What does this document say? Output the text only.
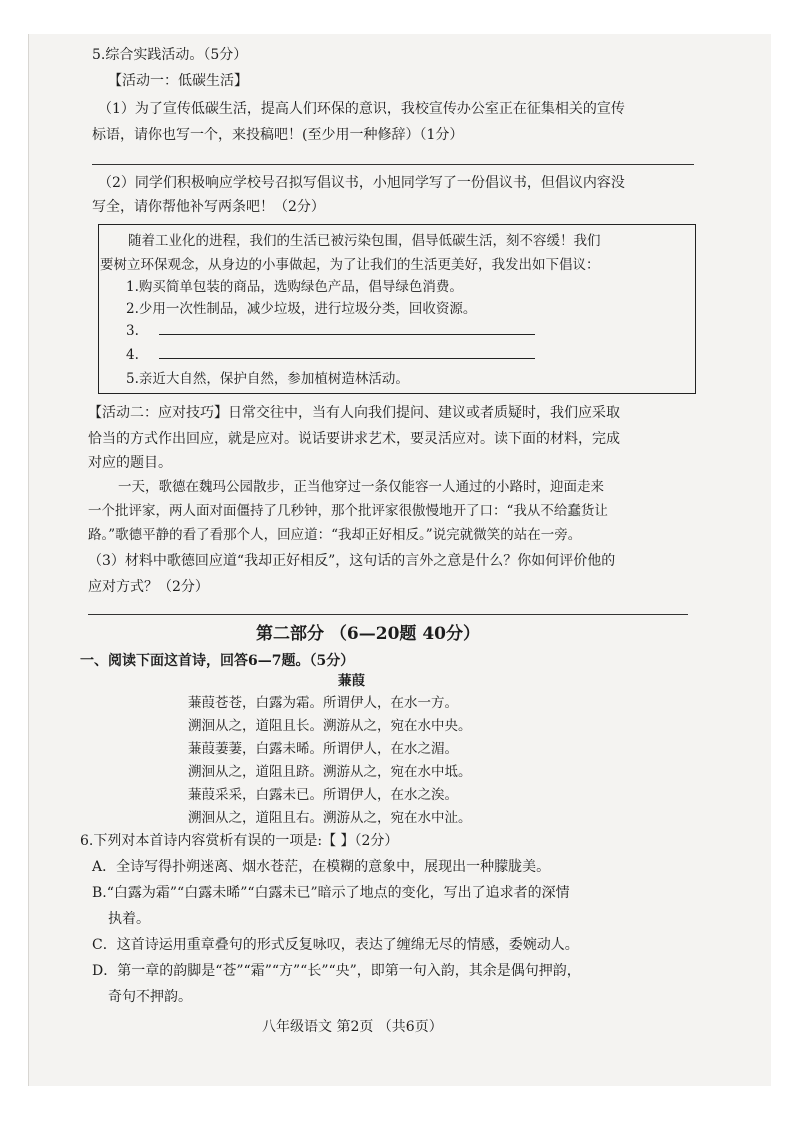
5.综合实践活动。（5分）
【活动一：低碳生活】
（1）为了宣传低碳生活，提高人们环保的意识，我校宣传办公室正在征集相关的宣传
标语，请你也写一个，来投稿吧！(至少用一种修辞）（1分）
（2）同学们积极响应学校号召拟写倡议书，小旭同学写了一份倡议书，但倡议内容没
写全，请你帮他补写两条吧！（2分）
随着工业化的进程，我们的生活已被污染包围，倡导低碳生活，刻不容缓！我们
要树立环保观念，从身边的小事做起，为了让我们的生活更美好，我发出如下倡议：
1.购买简单包装的商品，选购绿色产品，倡导绿色消费。
2.少用一次性制品，减少垃圾，进行垃圾分类，回收资源。
3.
4.
5.亲近大自然，保护自然，参加植树造林活动。
【活动二：应对技巧】日常交往中，当有人向我们提问、建议或者质疑时，我们应采取
恰当的方式作出回应，就是应对。说话要讲求艺术，要灵活应对。读下面的材料，完成
对应的题目。
一天，歌德在魏玛公园散步，正当他穿过一条仅能容一人通过的小路时，迎面走来
一个批评家，两人面对面僵持了几秒钟，那个批评家很傲慢地开了口：“我从不给蠢货让
路。”歌德平静的看了看那个人，回应道：“我却正好相反。”说完就微笑的站在一旁。
（3）材料中歌德回应道“我却正好相反”，这句话的言外之意是什么？你如何评价他的
应对方式？（2分）
第二部分 （6—20题 40分）
一、阅读下面这首诗，回答6—7题。（5分）
蒹葭
蒹葭苍苍，白露为霜。所谓伊人，在水一方。
溯洄从之，道阻且长。溯游从之，宛在水中央。
蒹葭萋萋，白露未晞。所谓伊人，在水之湄。
溯洄从之，道阻且跻。溯游从之，宛在水中坻。
蒹葭采采，白露未已。所谓伊人，在水之涘。
溯洄从之，道阻且右。溯游从之，宛在水中沚。
6.下列对本首诗内容赏析有误的一项是:【 】（2分）
A．全诗写得扑朔迷离、烟水苍茫，在模糊的意象中，展现出一种朦胧美。
B.“白露为霜”“白露未晞”“白露未已”暗示了地点的变化，写出了追求者的深情
执着。
C．这首诗运用重章叠句的形式反复咏叹，表达了缠绵无尽的情感，委婉动人。
D．第一章的韵脚是“苍”“霜”“方”“长”“央”，即第一句入韵，其余是偶句押韵，
奇句不押韵。
八年级语文 第2页 （共6页）
